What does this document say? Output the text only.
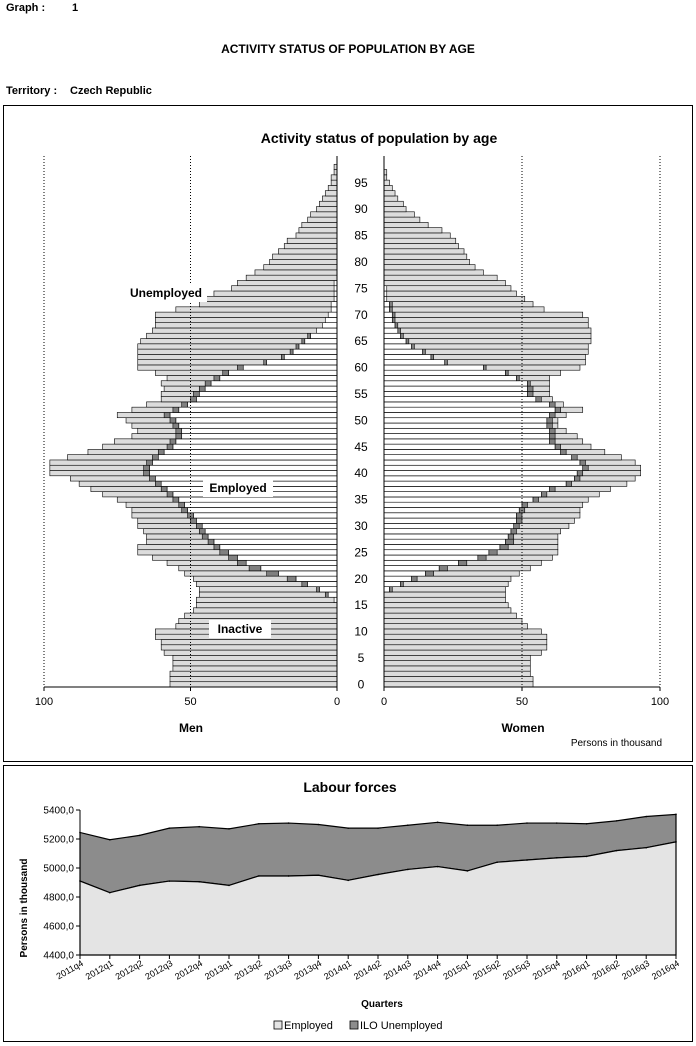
Graph : 1
ACTIVITY STATUS OF POPULATION BY AGE
Territory : Czech Republic
Activity status of population by age
100	50	0	0	50	100
0
5
10
15
20
25
30
35
40
45
50
55
60
65
70
75
80
85
90
95
Men	Women
Persons in thousand
Unemployed
Employed
Inactive
Labour forces
4400,0
4600,0
4800,0
5000,0
5200,0
5400,0
2011q4
2012q1
2012q2
2012q3
2012q4
2013q1
2013q2
2013q3
2013q4
2014q1
2014q2
2014q3
2014q4
2015q1
2015q2
2015q3
2015q4
2016q1
2016q2
2016q3
2016q4
Persons in thousand
Quarters
Employed ILO Unemployed
